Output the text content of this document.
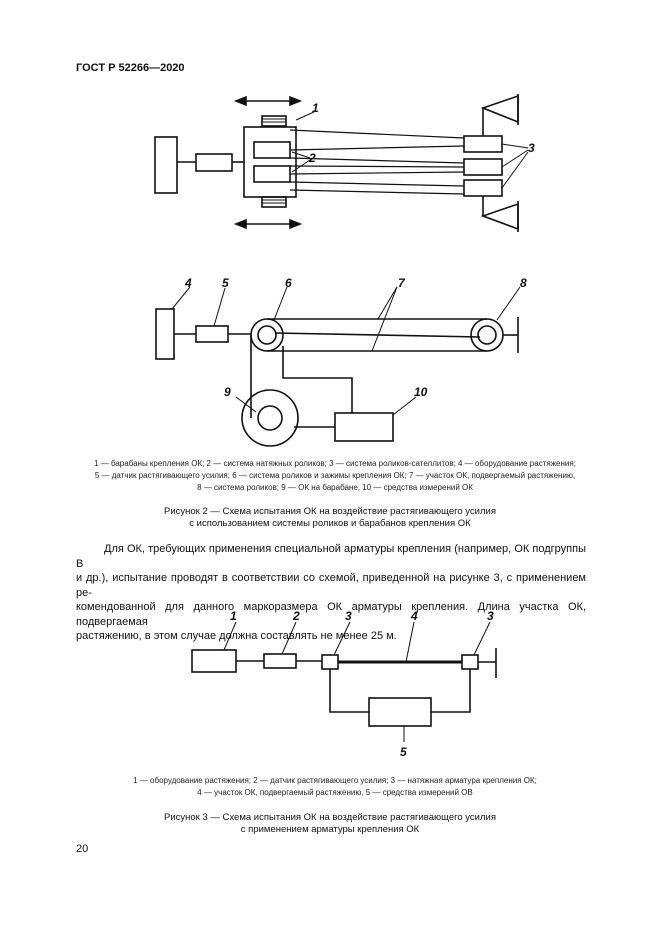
ГОСТ Р 52266—2020
1
2
3
4	5	6	7	8
9	10
1	2	3	4	3
5
1 — барабаны крепления ОК; 2 — система натяжных роликов; 3 — система роликов-сателлитов; 4 — оборудование растяжения;
5 — датчик растягивающего усилия; 6 — система роликов и зажимы крепления ОК; 7 — участок ОК, подвергаемый растяжению,
8 — система роликов; 9 — ОК на барабане, 10 — средства измерений ОК
Рисунок 2 — Схема испытания ОК на воздействие растягивающего усилия
с использованием системы роликов и барабанов крепления ОК

Для ОК, требующих применения специальной арматуры крепления (например, ОК подгруппы В

и др.), испытание проводят в соответствии со схемой, приведенной на рисунке 3, с применением ре-

комендованной для данного маркоразмера ОК арматуры крепления. Длина участка ОК, подвергаемая

растяжению, в этом случае должна составлять не менее 25 м.

1 — оборудование растяжения; 2 — датчик растягивающего усилия; 3 — натяжная арматура крепления ОК;
4 — участок ОК, подвергаемый растяжению, 5 — средства измерений ОВ
Рисунок 3 — Схема испытания ОК на воздействие растягивающего усилия
с применением арматуры крепления ОК
20
